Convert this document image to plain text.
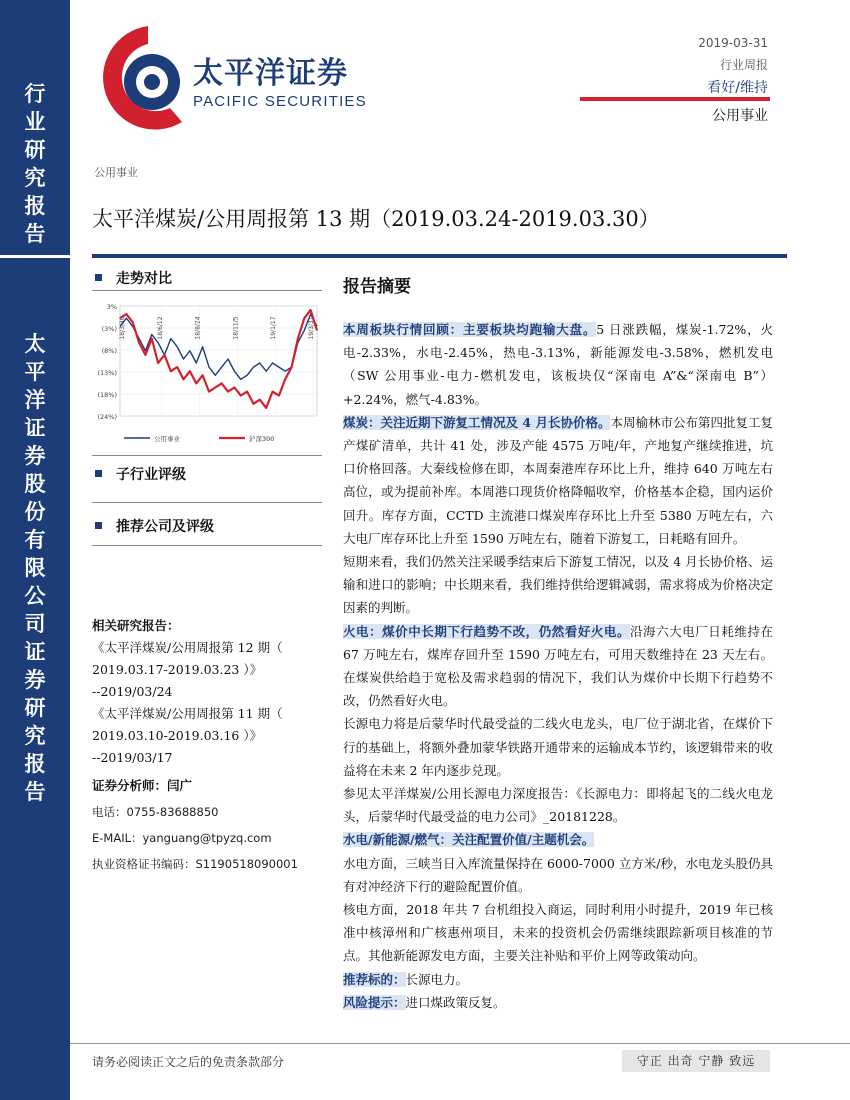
行
业
研
究
报
告
太
平
洋
证
券
股
份
有
限
公
司
证
券
研
究
报
告
太平洋证券
PACIFIC SECURITIES
2019-03-31
行业周报
看好/维持
公用事业
公用事业
太平洋煤炭/公用周报第 13 期（2019.03.24-2019.03.30）
走势对比
3%
(3%)
(8%)
(13%)
(18%)
(24%)
18/3/30	18/6/12	18/8/24	18/11/5	19/1/17	19/3/31
公用事业	沪深300
子行业评级
推荐公司及评级
相关研究报告：
《太平洋煤炭/公用周报第 12 期（ 2019.03.17-2019.03.23 ）》
--2019/03/24
《太平洋煤炭/公用周报第 11 期（ 2019.03.10-2019.03.16 ）》
--2019/03/17
证券分析师：闫广
电话：0755-83688850
E-MAIL：yanguang@tpyzq.com
执业资格证书编码：S1190518090001
报告摘要

本周板块行情回顾：主要板块均跑输大盘。5 日涨跌幅，煤炭-1.72%，火电-2.33%，水电-2.45%，热电-3.13%，新能源发电-3.58%，燃机发电（SW 公用事业-电力-燃机发电，该板块仅“深南电 A”&“深南电 B”）+2.24%，燃气-4.83%。

煤炭：关注近期下游复工情况及 4 月长协价格。本周榆林市公布第四批复工复产煤矿清单，共计 41 处，涉及产能 4575 万吨/年，产地复产继续推进，坑口价格回落。大秦线检修在即，本周秦港库存环比上升，维持 640 万吨左右高位，或为提前补库。本周港口现货价格降幅收窄，价格基本企稳，国内运价回升。库存方面，CCTD 主流港口煤炭库存环比上升至 5380 万吨左右，六大电厂库存环比上升至 1590 万吨左右，随着下游复工，日耗略有回升。

短期来看，我们仍然关注采暖季结束后下游复工情况，以及 4 月长协价格、运输和进口的影响；中长期来看，我们维持供给逻辑减弱，需求将成为价格决定因素的判断。

火电：煤价中长期下行趋势不改，仍然看好火电。沿海六大电厂日耗维持在 67 万吨左右，煤库存回升至 1590 万吨左右，可用天数维持在 23 天左右。在煤炭供给趋于宽松及需求趋弱的情况下，我们认为煤价中长期下行趋势不改，仍然看好火电。

长源电力将是后蒙华时代最受益的二线火电龙头，电厂位于湖北省，在煤价下行的基础上，将额外叠加蒙华铁路开通带来的运输成本节约，该逻辑带来的收益将在未来 2 年内逐步兑现。

参见太平洋煤炭/公用长源电力深度报告：《长源电力：即将起飞的二线火电龙头，后蒙华时代最受益的电力公司》_20181228。

水电/新能源/燃气：关注配置价值/主题机会。

水电方面，三峡当日入库流量保持在 6000-7000 立方米/秒，水电龙头股仍具有对冲经济下行的避险配置价值。

核电方面，2018 年共 7 台机组投入商运，同时利用小时提升，2019 年已核准中核漳州和广核惠州项目，未来的投资机会仍需继续跟踪新项目核准的节点。其他新能源发电方面，主要关注补贴和平价上网等政策动向。

推荐标的：长源电力。

风险提示：进口煤政策反复。

请务必阅读正文之后的免责条款部分	守正 出奇 宁静 致远
